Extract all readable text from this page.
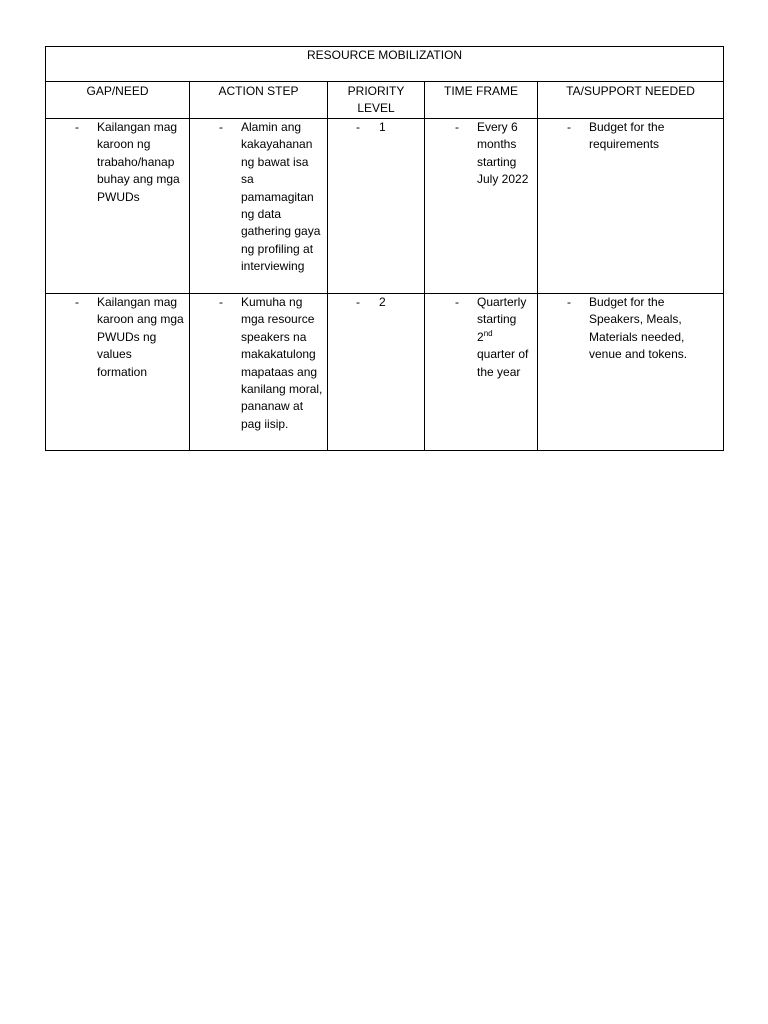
RESOURCE MOBILIZATION				
GAP/NEED	ACTION STEP	PRIORITY LEVEL	TIME FRAME	TA/SUPPORT NEEDED

- Kailangan mag karoon ng trabaho/hanap buhay ang mga PWUDs	- Alamin ang kakayahanan ng bawat isa sa pamamagitan ng data gathering gaya ng profiling at interviewing	- 1	- Every 6 months starting July 2022	- Budget for the requirements

- Kailangan mag karoon ang mga PWUDs ng values formation	- Kumuha ng mga resource speakers na makakatulong mapataas ang kanilang moral, pananaw at pag iisip.	- 2	- Quarterly starting 2nd quarter of the year	- Budget for the Speakers, Meals, Materials needed, venue and tokens.
